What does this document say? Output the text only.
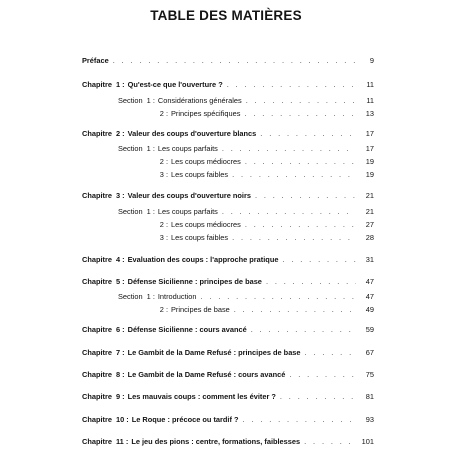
TABLE DES MATIÈRES
Préface . . .	9
Chapitre 1 : Qu'est-ce que l'ouverture ? . . .	11
Section 1 : Considérations générales . . .	11
2 : Principes spécifiques . . .	13
Chapitre 2 : Valeur des coups d'ouverture blancs . . .	17
Section 1 : Les coups parfaits . . .	17
2 : Les coups médiocres . . .	19
3 : Les coups faibles . . .	19
Chapitre 3 : Valeur des coups d'ouverture noirs . . .	21
Section 1 : Les coups parfaits . . .	21
2 : Les coups médiocres . . .	27
3 : Les coups faibles . . .	28
Chapitre 4 : Evaluation des coups : l'approche pratique . . .	31
Chapitre 5 : Défense Sicilienne : principes de base . . .	47
Section 1 : Introduction . . .	47
2 : Principes de base . . .	49
Chapitre 6 : Défense Sicilienne : cours avancé . . .	59
Chapitre 7 : Le Gambit de la Dame Refusé : principes de base . . .	67
Chapitre 8 : Le Gambit de la Dame Refusé : cours avancé . . .	75
Chapitre 9 : Les mauvais coups : comment les éviter ? . . .	81
Chapitre 10 : Le Roque : précoce ou tardif ? . . .	93
Chapitre 11 : Le jeu des pions : centre, formations, faiblesses . . .	101
